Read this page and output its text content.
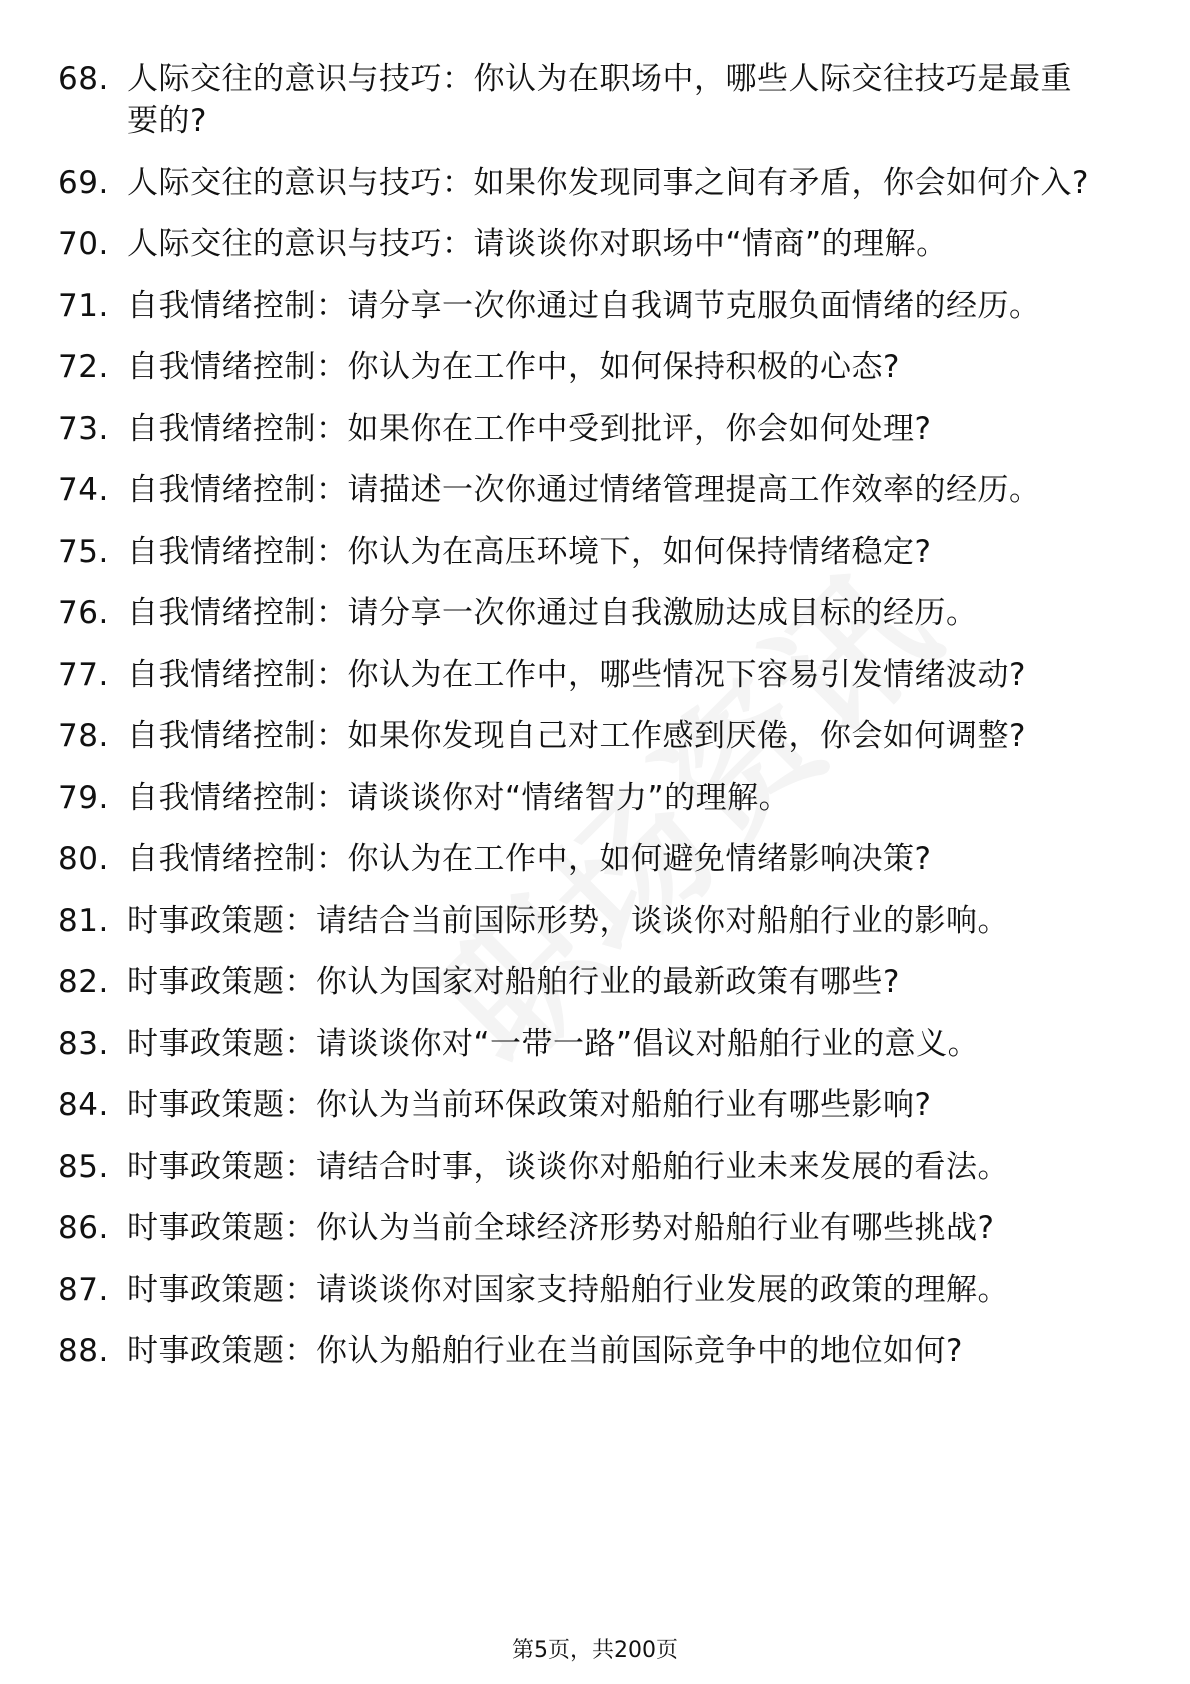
68. 人际交往的意识与技巧：你认为在职场中，哪些人际交往技巧是最重要的?
69. 人际交往的意识与技巧：如果你发现同事之间有矛盾，你会如何介入?
70. 人际交往的意识与技巧：请谈谈你对职场中“情商”的理解。
71. 自我情绪控制：请分享一次你通过自我调节克服负面情绪的经历。
72. 自我情绪控制：你认为在工作中，如何保持积极的心态?
73. 自我情绪控制：如果你在工作中受到批评，你会如何处理?
74. 自我情绪控制：请描述一次你通过情绪管理提高工作效率的经历。
75. 自我情绪控制：你认为在高压环境下，如何保持情绪稳定?
76. 自我情绪控制：请分享一次你通过自我激励达成目标的经历。
77. 自我情绪控制：你认为在工作中，哪些情况下容易引发情绪波动?
78. 自我情绪控制：如果你发现自己对工作感到厌倦，你会如何调整?
79. 自我情绪控制：请谈谈你对“情绪智力”的理解。
80. 自我情绪控制：你认为在工作中，如何避免情绪影响决策?
81. 时事政策题：请结合当前国际形势，谈谈你对船舶行业的影响。
82. 时事政策题：你认为国家对船舶行业的最新政策有哪些?
83. 时事政策题：请谈谈你对“一带一路”倡议对船舶行业的意义。
84. 时事政策题：你认为当前环保政策对船舶行业有哪些影响?
85. 时事政策题：请结合时事，谈谈你对船舶行业未来发展的看法。
86. 时事政策题：你认为当前全球经济形势对船舶行业有哪些挑战?
87. 时事政策题：请谈谈你对国家支持船舶行业发展的政策的理解。
88. 时事政策题：你认为船舶行业在当前国际竞争中的地位如何?
第5页，共200页
